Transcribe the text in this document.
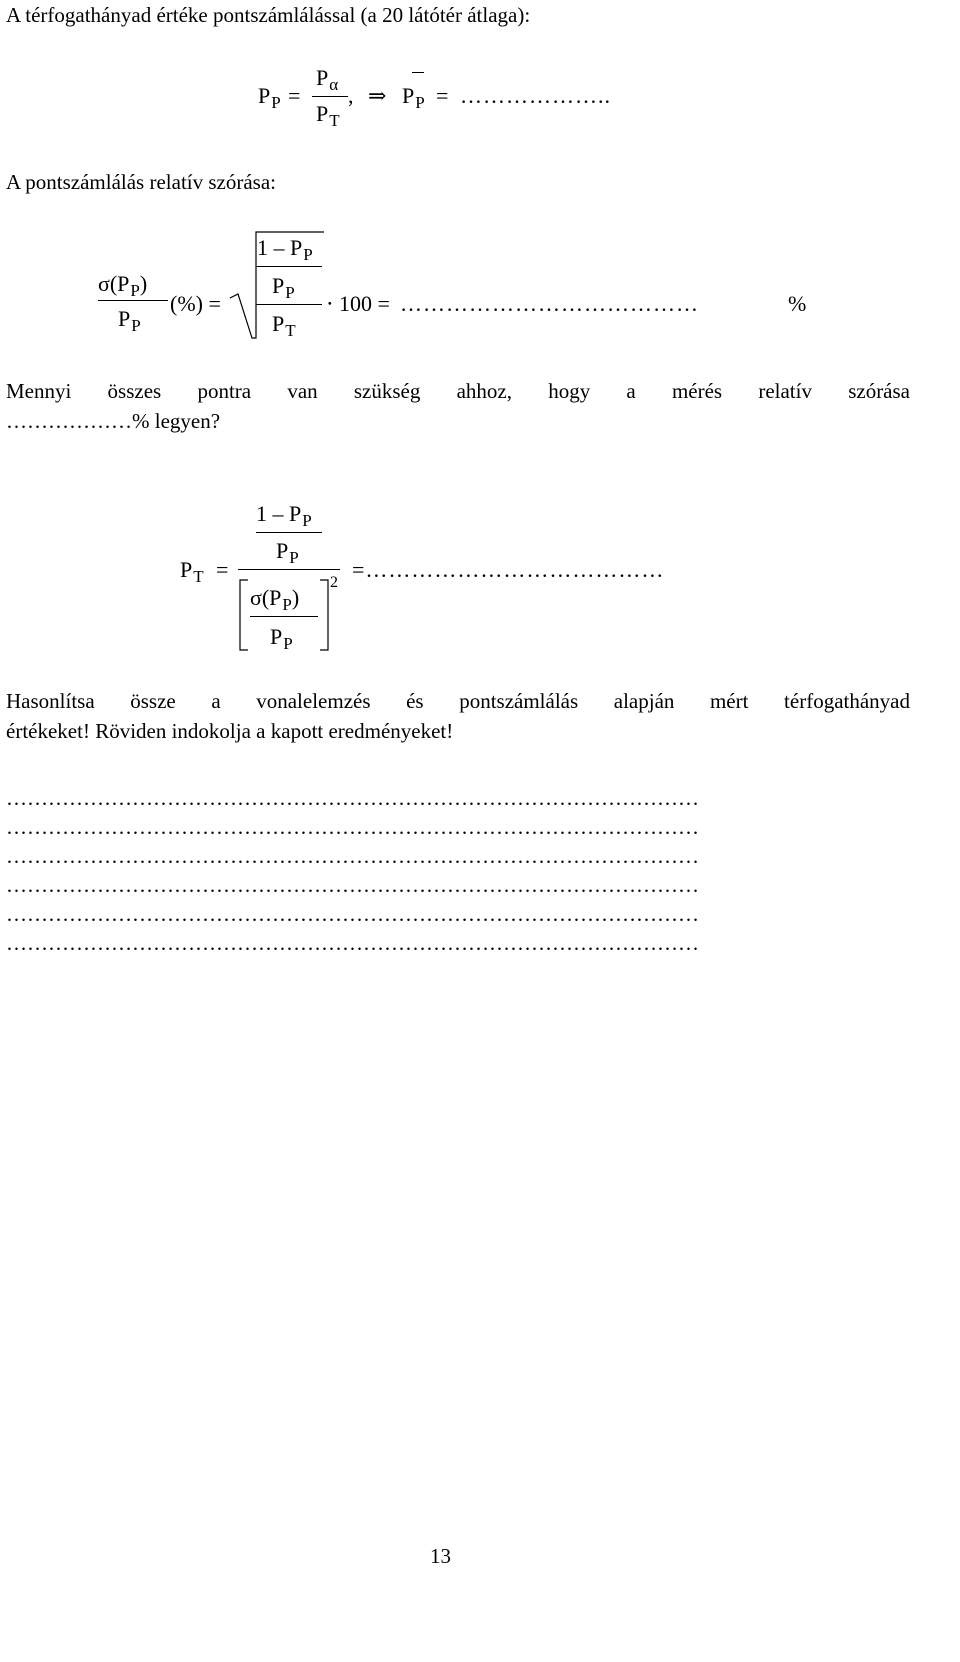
A térfogathányad értéke pontszámlálással (a 20 látótér átlaga):
$P_P$ =
$P_\alpha$
$P_T$
, ⇒ $P_P$ = ………………..
A pontszámlálás relatív szórása:
$\sigma(P_P)$
$P_P$
(%) =
$1 - P_P$
$P_P$
$P_T$
⋅ 100 = …………………………………	%
Mennyi összes pontra van szükség ahhoz, hogy a mérés relatív szórása
………………% legyen?
$P_T$ =
$1 - P_P$
$P_P$
$\sigma(P_P)$
$P_P$
2
=…………………………………
Hasonlítsa össze a vonalelemzés és pontszámlálás alapján mért térfogathányad
értékeket! Röviden indokolja a kapott eredményeket!
………………………………………………………………………………………
………………………………………………………………………………………
………………………………………………………………………………………
………………………………………………………………………………………
………………………………………………………………………………………
………………………………………………………………………………………
13
